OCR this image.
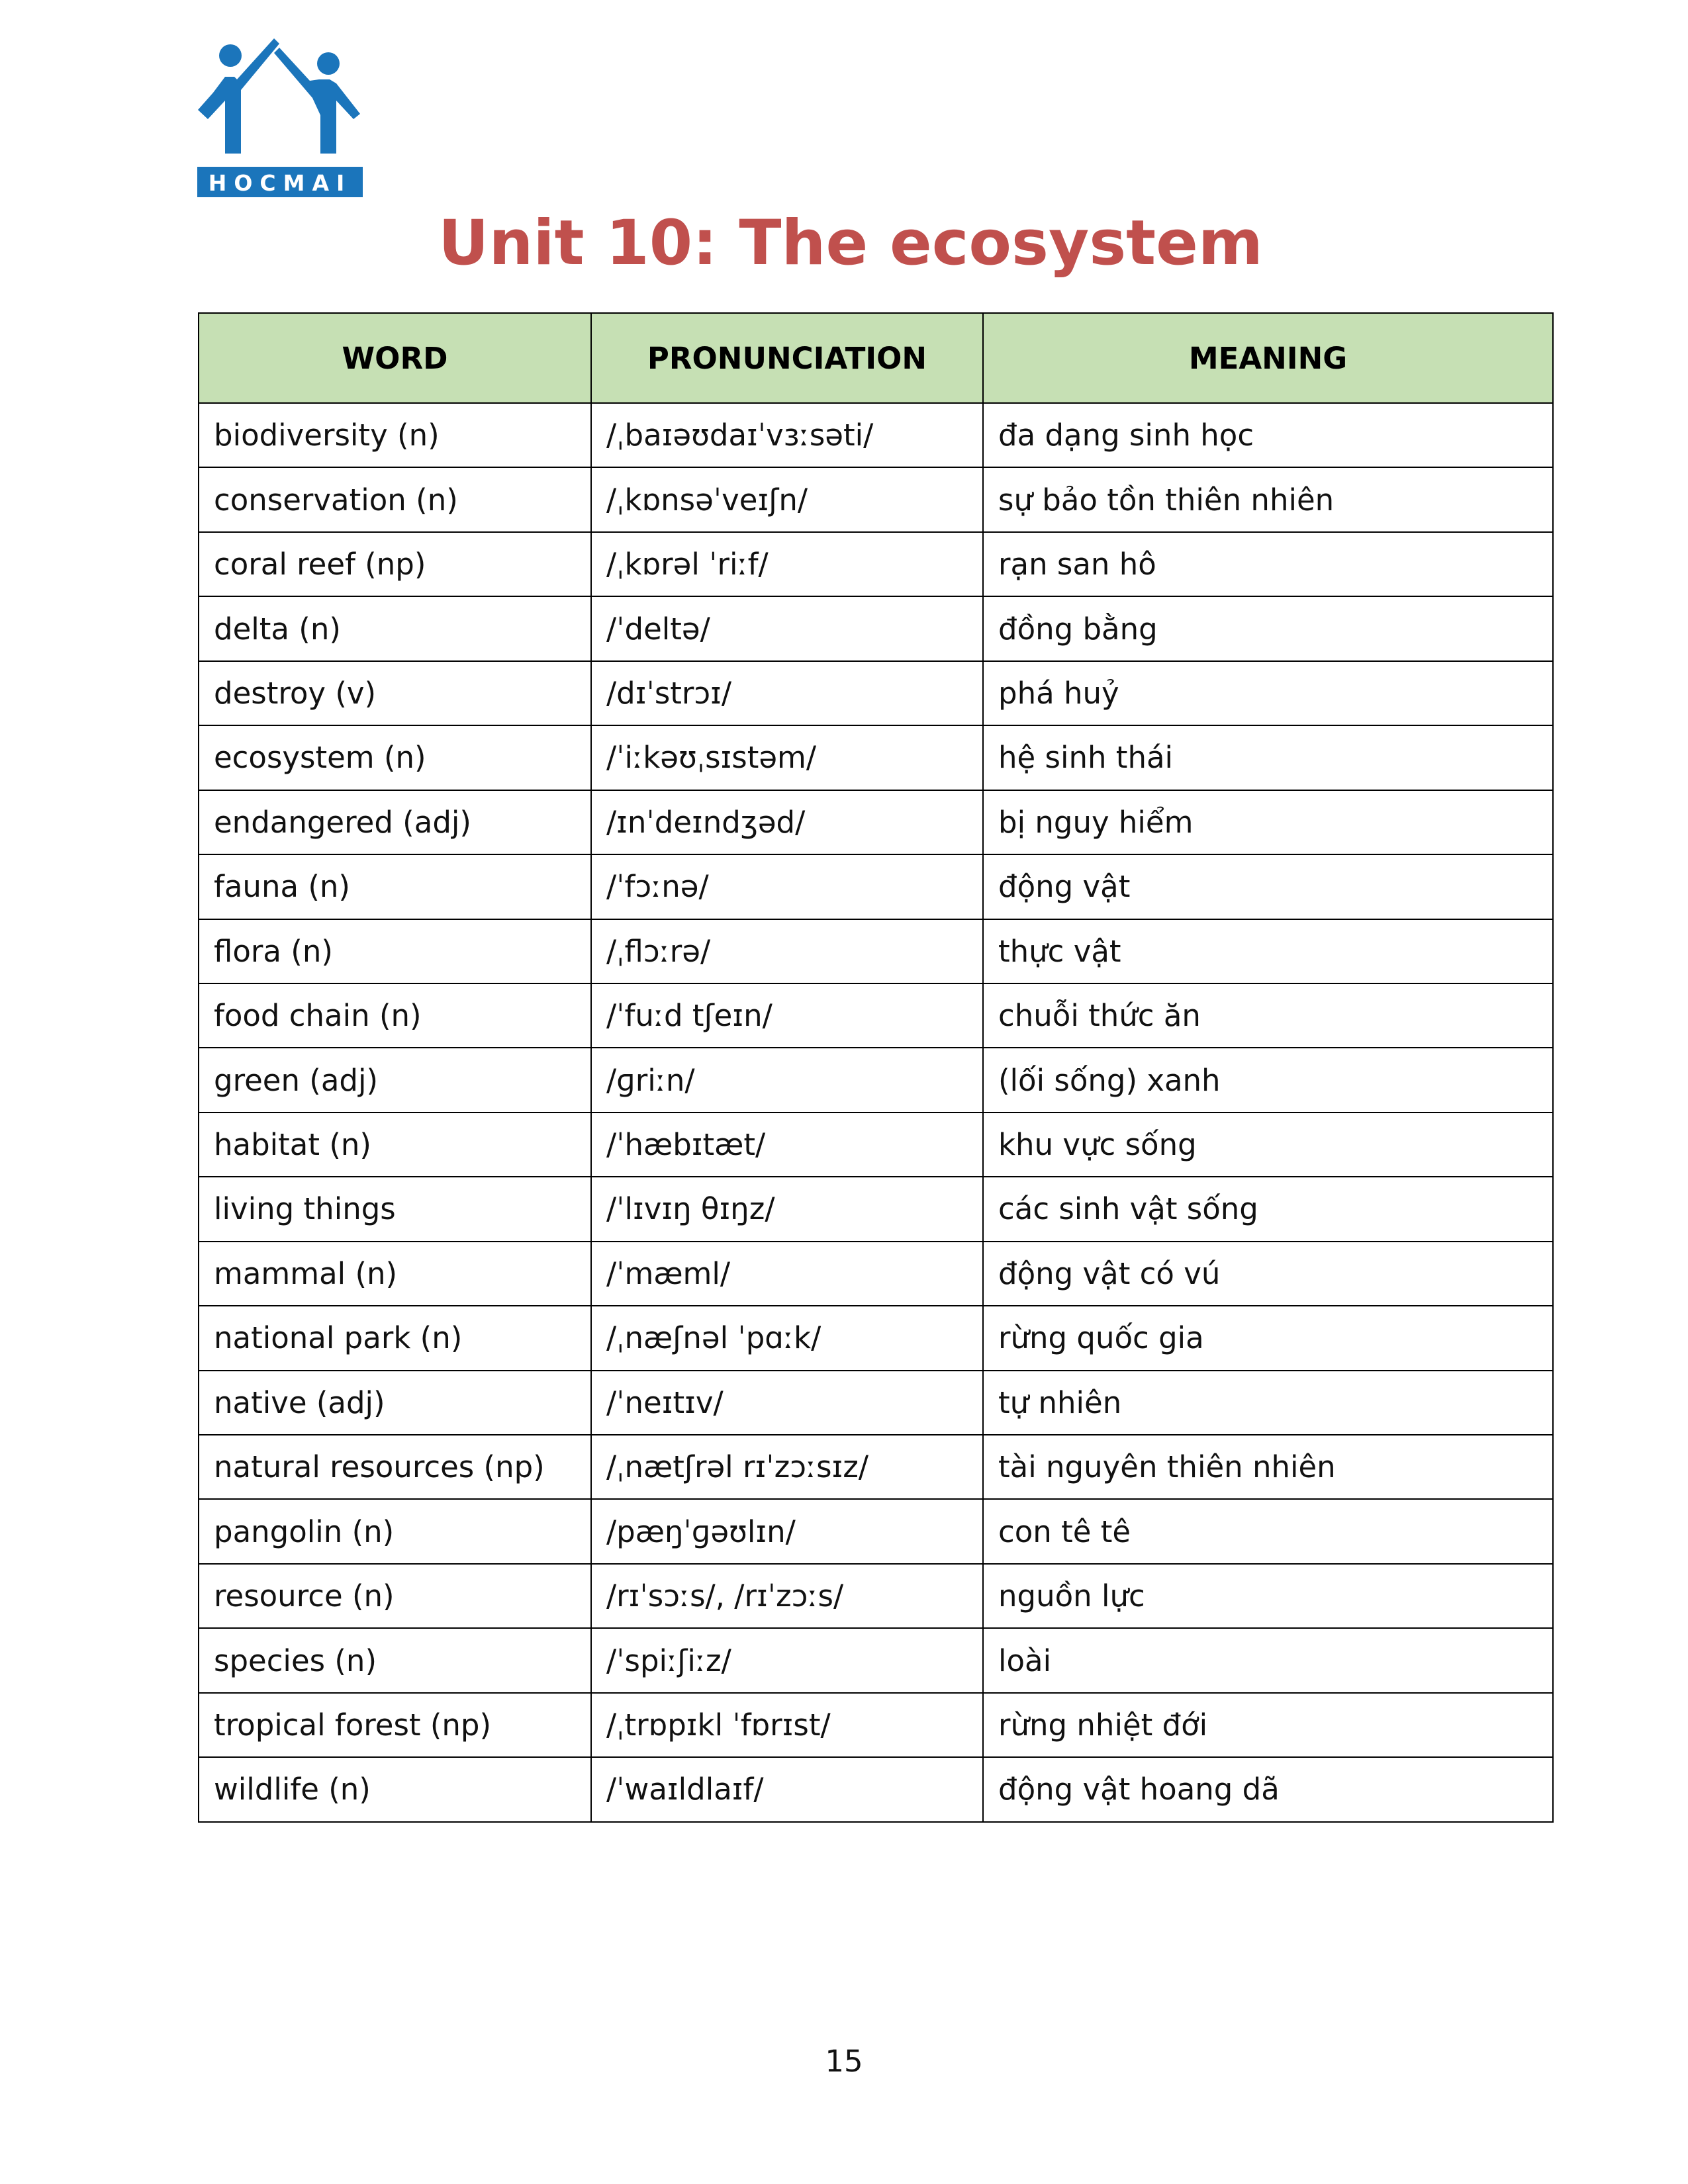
HOCMAI
Unit 10: The ecosystem
WORD	PRONUNCIATION	MEANING
biodiversity (n)	/ˌbaɪəʊdaɪˈvɜːsəti/	đa dạng sinh học
conservation (n)	/ˌkɒnsəˈveɪʃn/	sự bảo tồn thiên nhiên
coral reef (np)	/ˌkɒrəl ˈriːf/	rạn san hô
delta (n)	/ˈdeltə/	đồng bằng
destroy (v)	/dɪˈstrɔɪ/	phá huỷ
ecosystem (n)	/ˈiːkəʊˌsɪstəm/	hệ sinh thái
endangered (adj)	/ɪnˈdeɪndʒəd/	bị nguy hiểm
fauna (n)	/ˈfɔːnə/	động vật
flora (n)	/ˌflɔːrə/	thực vật
food chain (n)	/ˈfuːd tʃeɪn/	chuỗi thức ăn
green (adj)	/ɡriːn/	(lối sống) xanh
habitat (n)	/ˈhæbɪtæt/	khu vực sống
living things	/ˈlɪvɪŋ θɪŋz/	các sinh vật sống
mammal (n)	/ˈmæml/	động vật có vú
national park (n)	/ˌnæʃnəl ˈpɑːk/	rừng quốc gia
native (adj)	/ˈneɪtɪv/	tự nhiên
natural resources (np)	/ˌnætʃrəl rɪˈzɔːsɪz/	tài nguyên thiên nhiên
pangolin (n)	/pæŋˈɡəʊlɪn/	con tê tê
resource (n)	/rɪˈsɔːs/, /rɪˈzɔːs/	nguồn lực
species (n)	/ˈspiːʃiːz/	loài
tropical forest (np)	/ˌtrɒpɪkl ˈfɒrɪst/	rừng nhiệt đới
wildlife (n)	/ˈwaɪldlaɪf/	động vật hoang dã
15
